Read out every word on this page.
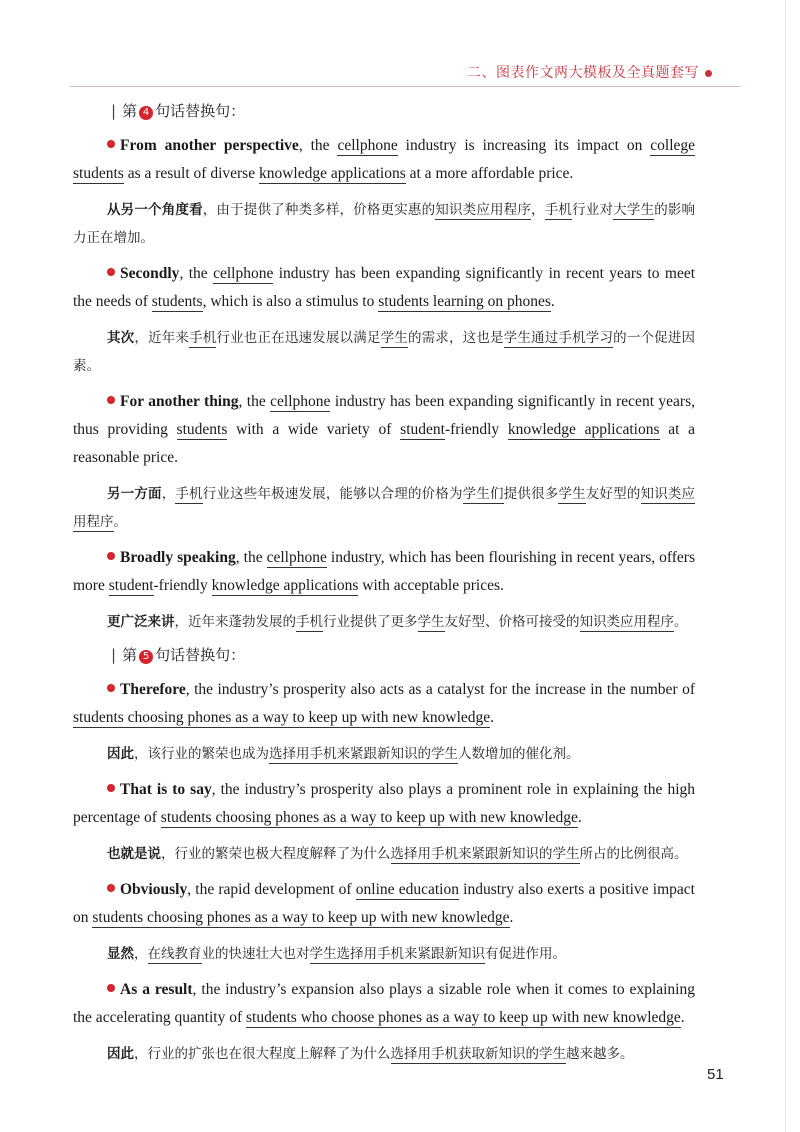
二、图表作文两大模板及全真题套写
| 第 4 句话替换句：

From another perspective, the cellphone industry is increasing its impact on college students as a result of diverse knowledge applications at a more affordable price.

从另一个角度看，由于提供了种类多样，价格更实惠的知识类应用程序，手机行业对大学生的影响力正在增加。

Secondly, the cellphone industry has been expanding significantly in recent years to meet the needs of students, which is also a stimulus to students learning on phones.

其次，近年来手机行业也正在迅速发展以满足学生的需求，这也是学生通过手机学习的一个促进因素。

For another thing, the cellphone industry has been expanding significantly in recent years, thus providing students with a wide variety of student-friendly knowledge applications at a reasonable price.

另一方面，手机行业这些年极速发展，能够以合理的价格为学生们提供很多学生友好型的知识类应用程序。

Broadly speaking, the cellphone industry, which has been flourishing in recent years, offers more student-friendly knowledge applications with acceptable prices.

更广泛来讲，近年来蓬勃发展的手机行业提供了更多学生友好型、价格可接受的知识类应用程序。

| 第 5 句话替换句：

Therefore, the industry’s prosperity also acts as a catalyst for the increase in the number of students choosing phones as a way to keep up with new knowledge.

因此，该行业的繁荣也成为选择用手机来紧跟新知识的学生人数增加的催化剂。

That is to say, the industry’s prosperity also plays a prominent role in explaining the high percentage of students choosing phones as a way to keep up with new knowledge.

也就是说，行业的繁荣也极大程度解释了为什么选择用手机来紧跟新知识的学生所占的比例很高。

Obviously, the rapid development of online education industry also exerts a positive impact on students choosing phones as a way to keep up with new knowledge.

显然，在线教育业的快速壮大也对学生选择用手机来紧跟新知识有促进作用。

As a result, the industry’s expansion also plays a sizable role when it comes to explaining the accelerating quantity of students who choose phones as a way to keep up with new knowledge.

因此，行业的扩张也在很大程度上解释了为什么选择用手机获取新知识的学生越来越多。

51
